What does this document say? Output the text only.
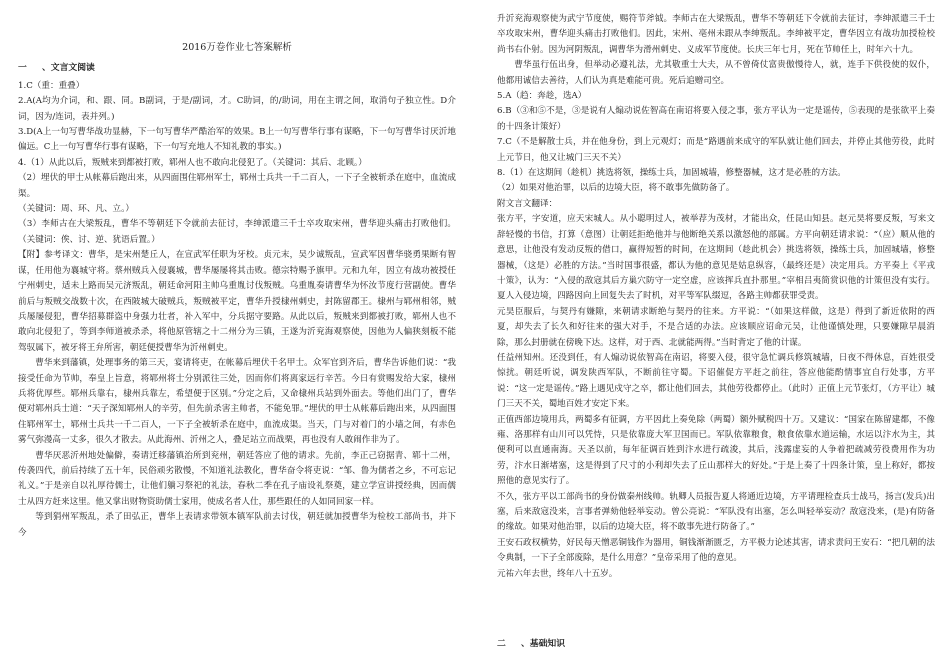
2016万卷作业七答案解析
一 、文言文阅读

1.C（重：重叠）

2.A(A均为介词，和、跟、同。B副词，于是/副词，才。C助词，的/助词，用在主谓之间，取消句子独立性。D介词，因为/连词，表并列。)

3.D(A上一句写曹华战功显赫，下一句写曹华严酷治军的效果。B上一句写曹华行事有谋略，下一句写曹华讨厌沂地偏远。C上一句写曹华行事有谋略，下一句写充地人不知礼教的事实。)

4.（1）从此以后，叛贼来到都被打败，郓州人也不敢向北侵犯了。（关键词：其后、北顾。）

（2）埋伏的甲士从帐幕后跑出来，从四面围住郓州军士，郓州士兵共一千二百人，一下子全被斩杀在庭中，血流成渠。

（关键词：周、环、凡、立。）

（3）李师古在大梁叛乱，曹华不等朝廷下令就前去征讨，李绅派遣三千士卒攻取宋州，曹华迎头痛击打败他们。（关键词：俟、讨、逆、犹语后置。）

【附】参考译文：曹华，是宋州楚丘人，在宣武军任职为牙校。贞元末，吴少诚叛乱，宣武军因曹华骁勇果断有智谋，任用他为襄城守将。蔡州贼兵入侵襄城，曹华屡屡将其击败。德宗特赐予旗甲。元和九年，因立有战功被授任宁州刺史，适未上路而吴元济叛乱，朝廷命河阳主帅乌重胤讨伐叛贼。乌重胤奏请曹华为怀汝节度行营副使。曹华前后与叛贼交战数十次，在西陂城大破贼兵，叛贼被平定，曹华升授棣州刺史，封陈留郡王。棣州与郓州相邻，贼兵屡屡侵犯，曹华招募群盗中身强力壮者，补入军中，分兵据守要路。从此以后，叛贼来到都被打败，郓州人也不敢向北侵犯了，等到李师道被杀杀，将他原管辖之十二州分为三镇，王遂为沂兖海观察使，因他为人偏狭刻板不能驾驭属下，被牙将王弁所害，朝廷便授曹华为沂州刺史。

曹华来到藩镇，处理事务的第三天，宴请将吏，在帐幕后埋伏千名甲士。众军官到齐后，曹华告诉他们说：“我接受任命为节帅，奉皇上旨意，将郓州将士分别派往三处，因而你们将离家远行辛苦。今日有赏赐发给大家，棣州兵将优厚些。郓州兵靠右，棣州兵靠左，希望便于区别。”分定之后，又命棣州兵站到外面去。等他们出门了，曹华便对郓州兵士道：“天子深知郓州人的辛劳，但先前杀害主帅者，不能免罪。”埋伏的甲士从帐幕后跑出来，从四面围住郓州军士，郓州士兵共一千二百人，一下子全被斩杀在庭中，血流成渠。当天，门与对着门的小墙之间，有赤色雾气弥漫高一丈多，很久才散去。从此海州、沂州之人，叠足站立而战栗，再也没有人敢闹作非为了。

曹华厌恶沂州地处偏僻，奏请迁移藩镇治所到兖州，朝廷答应了他的请求。先前，李正己窃据青、郓十二州，传袭四代，前后持续了五十年，民俗顽劣散慢，不知道礼法教化，曹华奋令将吏说：“邹、鲁为儒者之乡，不可忘记礼义。”于是亲自以礼厚待儒士，让他们躺习祭祀的礼法，春秋二季在孔子庙设礼祭奠，建立学宣讲授经典，因而儒士从四方赶来这里。他又掌出财物资助儒士家用，使成名者人仕，那些跟任的人如同回家一样。

等到狷州军叛乱，杀了田弘正，曹华上表请求带领本镇军队前去讨伐，朝廷就加授曹华为检校工部尚书，并下今

升沂兖海观察使为武宁节度使，赐符节斧钺。李师古在大梁叛乱，曹华不等朝廷下令就前去征讨，李绅派遣三千士卒攻取宋州，曹华迎头痛击打败他们。因此，宋州、亳州未跟从李绅叛乱。李绅被平定，曹华因立有战功加授检校尚书右仆射。因为河阴叛乱，调曹华为滑州刺史、义成军节度使。长庆三年七月，死在节帅任上，时年六十九。

曹华虽行伍出身，但举动必遵礼法，尤其敬重士大夫，从不曾倚仗富贵傲慢待人，就，连手下供役使的奴仆，他都用诚信去善待，人们认为真是难能可贵。死后追赠司空。

5.A（趋：奔趁，选A）

6.B（③和⑤不是，③是说有人煽动说佐智高在南诏将要入侵之事，张方平认为一定是谣传，⑤表现的是张欲平上奏的十四条计策好）

7.C（不是解散士兵，并在他身份，到上元观灯；而是“路遇前来成守的军队就让他们回去，并停止其他劳役，此时上元节日，他又让城门三天不关）

8.（1）在这期间（趁机）挑选将领，操练士兵，加固城墙，修整器械，这才是必胜的方法。

（2）如果对他治罪，以后的边境大臣，将不敢事先做防备了。

附文言文翻译：

张方平，字安道，应天宋城人。从小聪明过人，被举荐为茂材，才能出众，任昆山知县。赵元昊将要反叛，写来文辞轻慢的书信，打算（意图）让朝廷拒绝他并与他断绝关系以激怒他的部属。方平向朝廷请求说：“（应）顺从他的意思，让他没有发动反叛的借口，赢得短暂的时间，在这期间（趁此机会）挑选将领，操练士兵，加固城墙，修整器械，（这是）必胜的方法。”当时国事很盛，都认为他的意见是姑息纵容，（最终还是）决定用兵。方平奏上《平戎十策》，认为：“入侵的敌寇其后方巢穴防守一定空虚，应该挥兵直扑那里。”宰相吕夷简赏识他的计策但没有实行。夏人入侵边境，四路因向上回复失去了时机，对平等军队缀逗，各路主帅都获罪受责。

元昊臣服后，与契丹有嫌隙，来朝请求断绝与契丹的往来。方平说：“（如果这样做，这是）得到了新近依附的西夏，却失去了长久和好往来的强大对手，不是合适的办法。应该顺应诏命元吴，让他谨慎处理，只要嫌隙早晨消除，那么封册就在傍晚下达。这样，对于西、北就能两得。”当时背定了他的计谋。

任益州知州。还没到任，有人煽动说依智高在南诏，将要入侵，很守急忙调兵修筑城墙，日夜不得休息，百姓很受惊扰。朝廷听说，调发陕西军队，不断前往守蜀。下诏催促方平赶之前往，答应他能酌情事宜自行处事，方平说：“这一定是谣传。”路上遇见戍守之卒，都让他们回去，其他劳役都停止。（此时）正值上元节张灯，（方平让）城门三天不关，蜀地百姓才安定下来。

正值西部边境用兵，两蜀多有征调，方平因此上奏免除（两蜀）额外赋税四十万。又建议：“国家在陈留建都，不像雍、洛那样有山川可以凭恃，只是依靠庞大军卫国而已。军队依靠粮食，粮食依靠水道运输，水运以汴水为主，其便利可以直通南海。天圣以前，每年征调百姓到汴水进行疏浚，其后，浅露虚妄的人争着把疏减劳役费用作为功劳，汴水日渐堵塞，这是得到了尺寸的小利却失去了丘山那样大的好处。”于是上奏了十四条计策，皇上称好，都按照他的意见实行了。

不久，张方平以工部尚书的身份做秦州线帅。轨卿人员报告夏人将通近边境，方平请理检查兵士战马，扬言(发兵)出塞，后来敌寇没来，言事者弹劾他轻举妄动。曾公亮说：“军队没有出塞，怎么叫轻举妄动？敌寇没来，(是)有防备的缘故。如果对他治罪，以后的边境大臣，将不敢事先进行防备了。”

王安石政权横势，好民每天憎恶铜钱作为器用，铜钱渐渐匮乏，方平极力论述其害，请求责问王安石：“把几朝的法令典制，一下子全部废除，是什么用意？”皇帝采用了他的意见。

元祐六年去世，终年八十五岁。

二 、基础知识
